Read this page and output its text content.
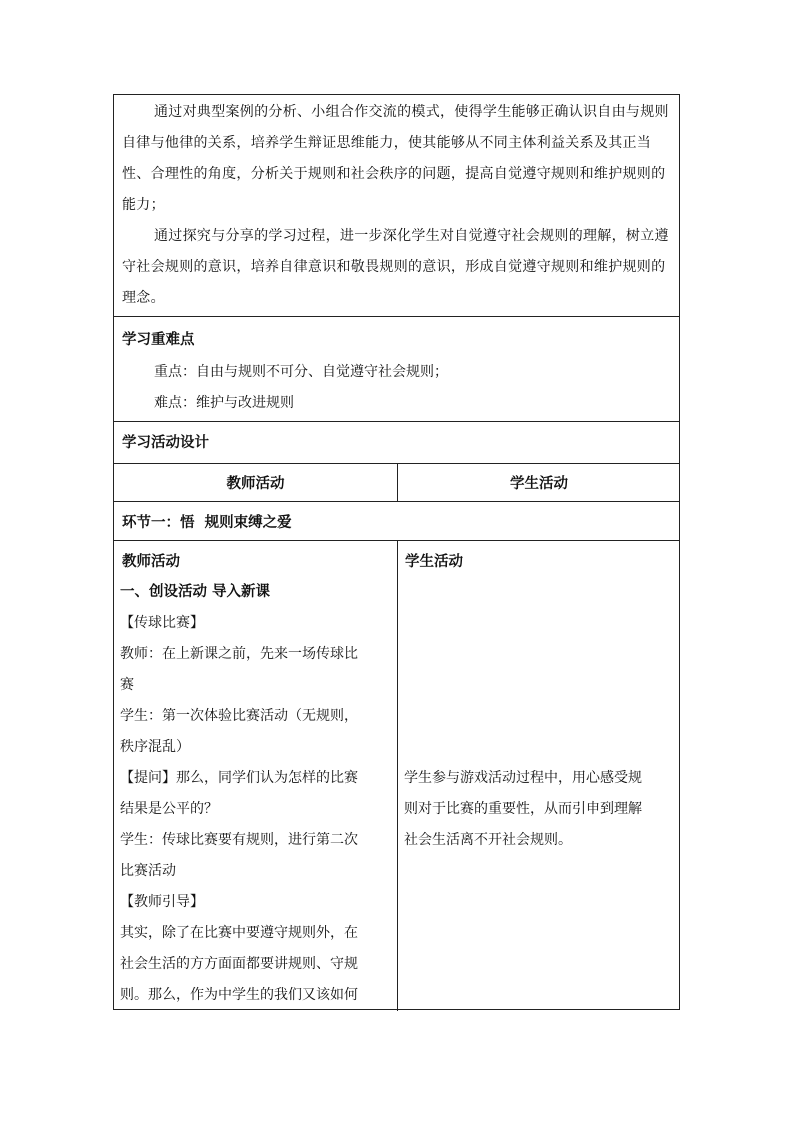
通过对典型案例的分析、小组合作交流的模式，使得学生能够正确认识自由与规则自律与他律的关系，培养学生辩证思维能力，使其能够从不同主体利益关系及其正当性、合理性的角度，分析关于规则和社会秩序的问题，提高自觉遵守规则和维护规则的能力；
通过探究与分享的学习过程，进一步深化学生对自觉遵守社会规则的理解，树立遵守社会规则的意识，培养自律意识和敬畏规则的意识，形成自觉遵守规则和维护规则的理念。
学习重难点
重点：自由与规则不可分、自觉遵守社会规则；
难点：维护与改进规则
学习活动设计
教师活动	学生活动
环节一：悟  规则束缚之爱
教师活动	学生活动
一、创设活动 导入新课
【传球比赛】
教师：在上新课之前，先来一场传球比
赛
学生：第一次体验比赛活动（无规则，
秩序混乱）
【提问】那么，同学们认为怎样的比赛
结果是公平的？
学生：传球比赛要有规则，进行第二次
比赛活动
【教师引导】
其实，除了在比赛中要遵守规则外，在
社会生活的方方面面都要讲规则、守规
则。那么，作为中学生的我们又该如何
学生参与游戏活动过程中，用心感受规
则对于比赛的重要性，从而引申到理解
社会生活离不开社会规则。
